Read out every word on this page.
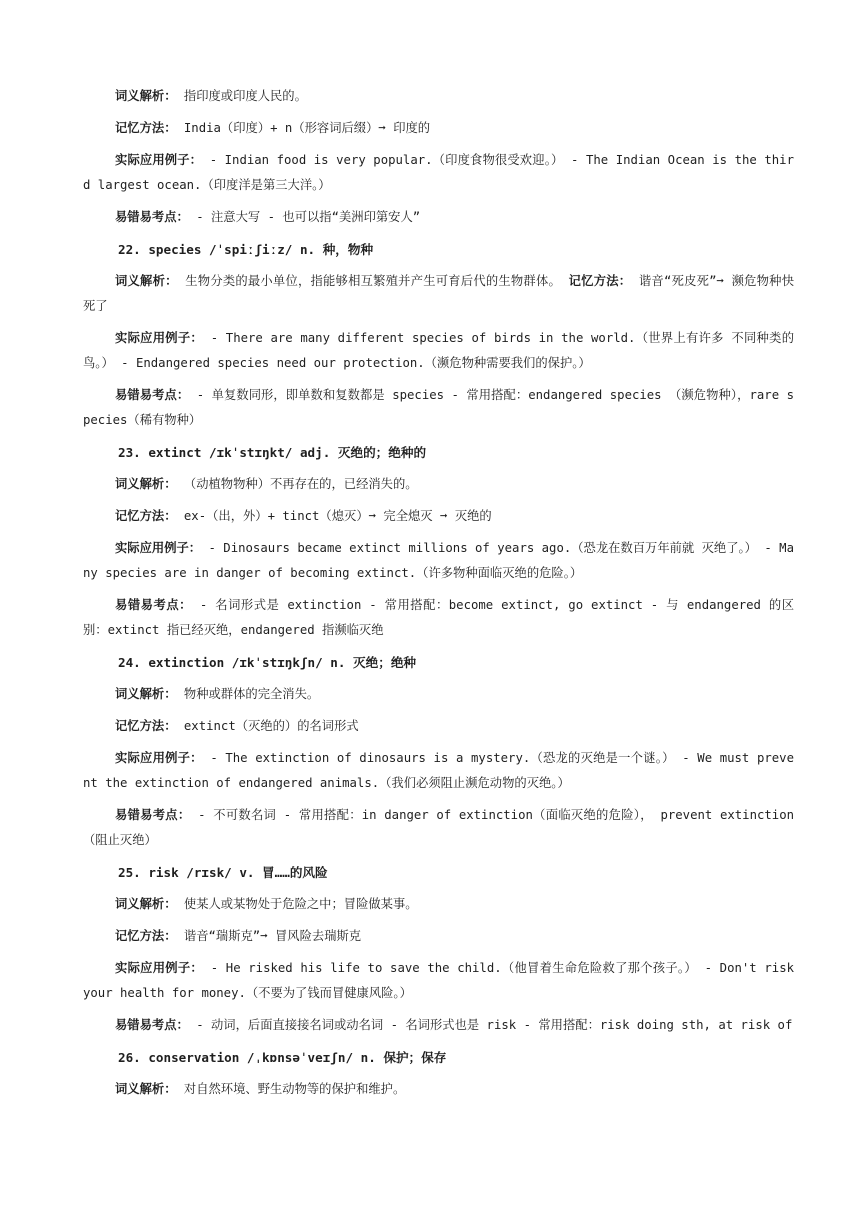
词义解析： 指印度或印度人民的。

记忆方法： India（印度）+ n（形容词后缀）➞ 印度的

实际应用例子： - Indian food is very popular.（印度食物很受欢迎。） - The Indian Ocean is the third largest ocean.（印度洋是第三大洋。）

易错易考点： - 注意大写 - 也可以指“美洲印第安人”

22. species /ˈspiːʃiːz/ n. 种，物种

词义解析： 生物分类的最小单位，指能够相互繁殖并产生可育后代的生物群体。 记忆方法： 谐音“死皮死”➞ 濒危物种快死了

实际应用例子： - There are many different species of birds in the world.（世界上有许多 不同种类的鸟。） - Endangered species need our protection.（濒危物种需要我们的保护。）

易错易考点： - 单复数同形，即单数和复数都是 species - 常用搭配：endangered species （濒危物种），rare species（稀有物种）

23. extinct /ɪkˈstɪŋkt/ adj. 灭绝的；绝种的

词义解析： （动植物物种）不再存在的，已经消失的。

记忆方法： ex-（出，外）+ tinct（熄灭）➞ 完全熄灭 ➞ 灭绝的

实际应用例子： - Dinosaurs became extinct millions of years ago.（恐龙在数百万年前就 灭绝了。） - Many species are in danger of becoming extinct.（许多物种面临灭绝的危险。）

易错易考点： - 名词形式是 extinction - 常用搭配：become extinct, go extinct - 与 endangered 的区别：extinct 指已经灭绝，endangered 指濒临灭绝

24. extinction /ɪkˈstɪŋkʃn/ n. 灭绝；绝种

词义解析： 物种或群体的完全消失。

记忆方法： extinct（灭绝的）的名词形式

实际应用例子： - The extinction of dinosaurs is a mystery.（恐龙的灭绝是一个谜。） - We must prevent the extinction of endangered animals.（我们必须阻止濒危动物的灭绝。）

易错易考点： - 不可数名词 - 常用搭配：in danger of extinction（面临灭绝的危险）， prevent extinction（阻止灭绝）

25. risk /rɪsk/ v. 冒……的风险

词义解析： 使某人或某物处于危险之中；冒险做某事。

记忆方法： 谐音“瑞斯克”➞ 冒风险去瑞斯克

实际应用例子： - He risked his life to save the child.（他冒着生命危险救了那个孩子。） - Don't risk your health for money.（不要为了钱而冒健康风险。）

易错易考点： - 动词，后面直接接名词或动名词 - 名词形式也是 risk - 常用搭配：risk doing sth, at risk of

26. conservation /ˌkɒnsəˈveɪʃn/ n. 保护；保存

词义解析： 对自然环境、野生动物等的保护和维护。
